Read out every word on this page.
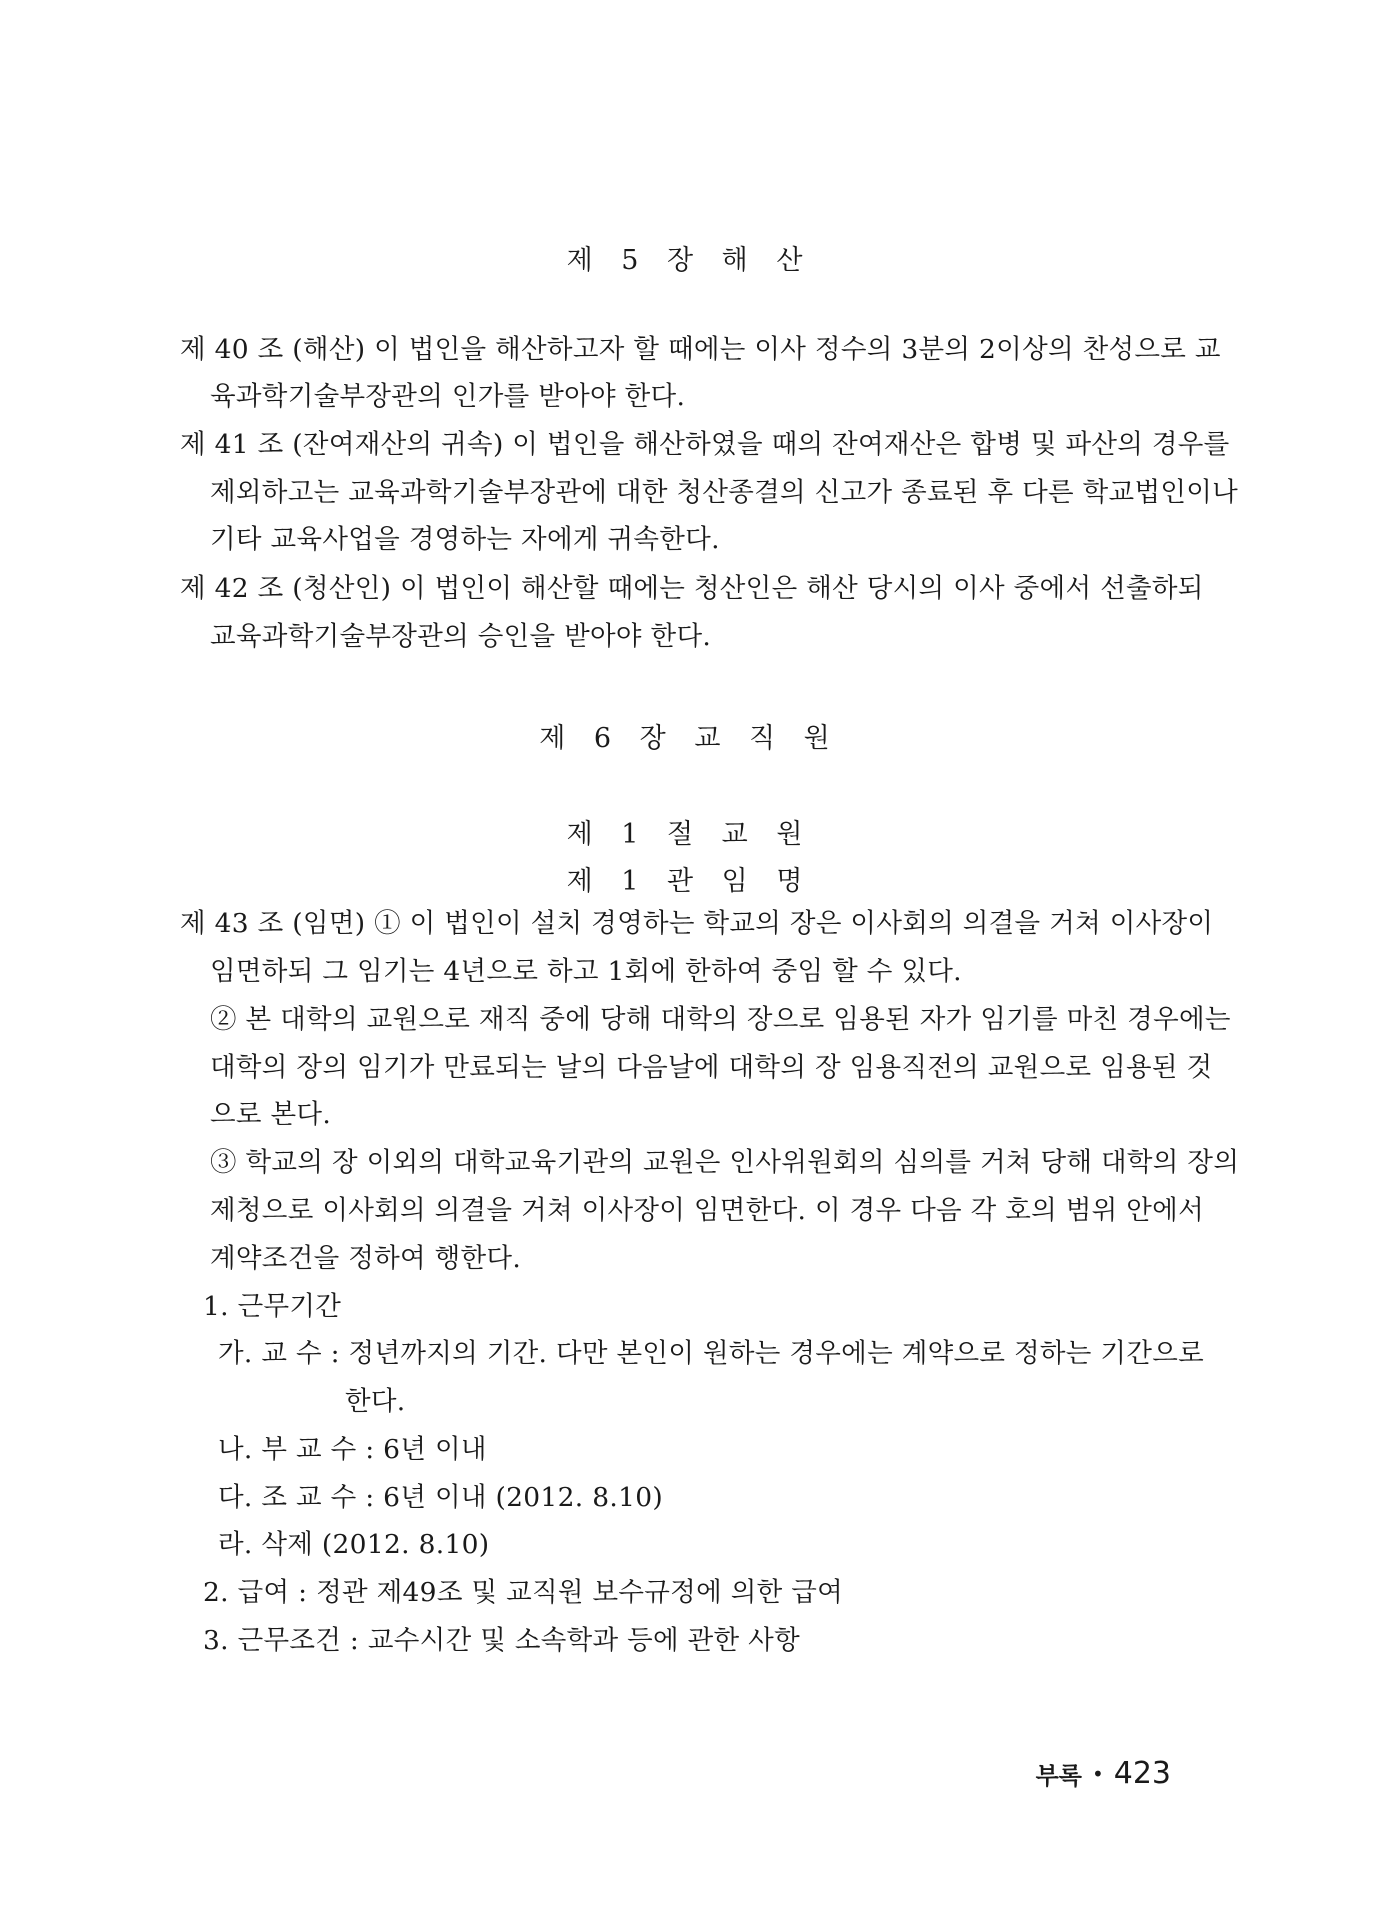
제 5 장 해 산
제 40 조 (해산) 이 법인을 해산하고자 할 때에는 이사 정수의 3분의 2이상의 찬성으로 교
육과학기술부장관의 인가를 받아야 한다.
제 41 조 (잔여재산의 귀속) 이 법인을 해산하였을 때의 잔여재산은 합병 및 파산의 경우를
제외하고는 교육과학기술부장관에 대한 청산종결의 신고가 종료된 후 다른 학교법인이나
기타 교육사업을 경영하는 자에게 귀속한다.
제 42 조 (청산인) 이 법인이 해산할 때에는 청산인은 해산 당시의 이사 중에서 선출하되
교육과학기술부장관의 승인을 받아야 한다.
제 6 장 교 직 원
제 1 절 교 원
제 1 관 임 명
제 43 조 (임면) ① 이 법인이 설치 경영하는 학교의 장은 이사회의 의결을 거쳐 이사장이
임면하되 그 임기는 4년으로 하고 1회에 한하여 중임 할 수 있다.
② 본 대학의 교원으로 재직 중에 당해 대학의 장으로 임용된 자가 임기를 마친 경우에는
대학의 장의 임기가 만료되는 날의 다음날에 대학의 장 임용직전의 교원으로 임용된 것
으로 본다.
③ 학교의 장 이외의 대학교육기관의 교원은 인사위원회의 심의를 거쳐 당해 대학의 장의
제청으로 이사회의 의결을 거쳐 이사장이 임면한다. 이 경우 다음 각 호의 범위 안에서
계약조건을 정하여 행한다.
1. 근무기간
가. 교 수 : 정년까지의 기간. 다만 본인이 원하는 경우에는 계약으로 정하는 기간으로
한다.
나. 부 교 수 : 6년 이내
다. 조 교 수 : 6년 이내 (2012. 8.10)
라. 삭제 (2012. 8.10)
2. 급여 : 정관 제49조 및 교직원 보수규정에 의한 급여
3. 근무조건 : 교수시간 및 소속학과 등에 관한 사항
부록 • 423
